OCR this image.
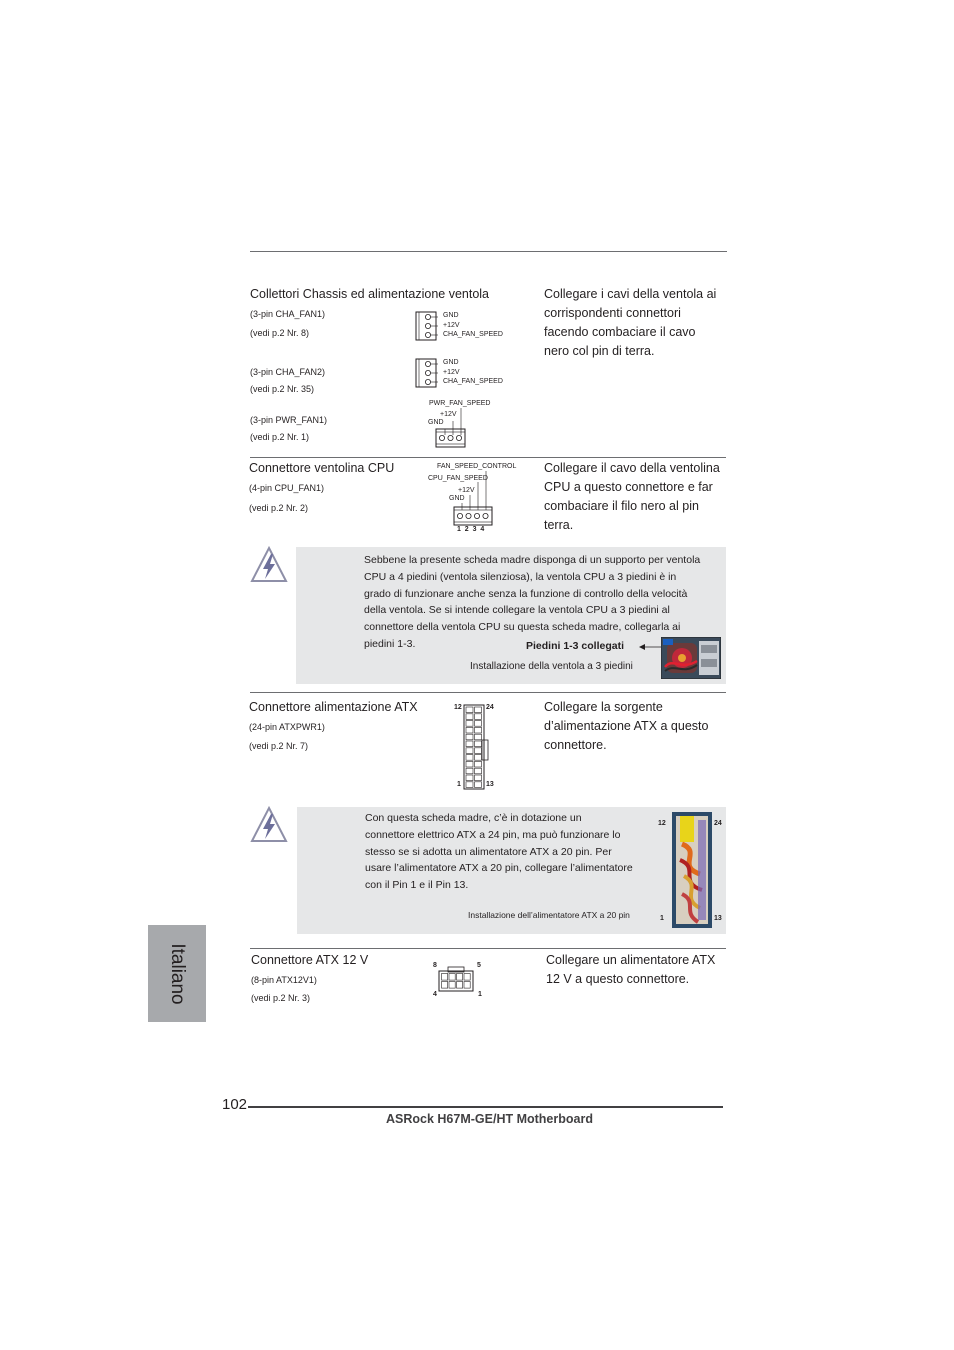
Collettori Chassis ed alimentazione ventola
(3-pin CHA_FAN1)
(vedi p.2 Nr. 8)
(3-pin CHA_FAN2)
(vedi p.2 Nr. 35)
(3-pin PWR_FAN1)
(vedi p.2 Nr. 1)
GND
+12V
CHA_FAN_SPEED
GND
+12V
CHA_FAN_SPEED
PWR_FAN_SPEED
+12V
GND
Collegare i cavi della ventola ai
corrispondenti connettori
facendo combaciare il cavo
nero col pin di terra.
Connettore ventolina CPU
(4-pin CPU_FAN1)
(vedi p.2 Nr. 2)
FAN_SPEED_CONTROL
CPU_FAN_SPEED
+12V
GND
1  2  3  4
Collegare il cavo della ventolina
CPU a questo connettore e far
combaciare il filo nero al pin
terra.
Sebbene la presente scheda madre disponga di un supporto per ventola
CPU a 4 piedini (ventola silenziosa), la ventola CPU a 3 piedini è in
grado di funzionare anche senza la funzione di controllo della velocità
della ventola. Se si intende collegare la ventola CPU a 3 piedini al
connettore della ventola CPU su questa scheda madre, collegarla ai
piedini 1-3.	Piedini 1-3 collegati
Installazione della ventola a 3 piedini
Connettore alimentazione ATX
(24-pin ATXPWR1)
(vedi p.2 Nr. 7)
12	24
1	13
Collegare la sorgente
d’alimentazione ATX a questo
connettore.
Con questa scheda madre, c’è in dotazione un
connettore elettrico ATX a 24 pin, ma può funzionare lo
stesso se si adotta un alimentatore ATX a 20 pin. Per
usare l’alimentatore ATX a 20 pin, collegare l’alimentatore
con il Pin 1 e il Pin 13.
Installazione dell’alimentatore ATX a 20 pin
12	24
1	13
Connettore ATX 12 V
(8-pin ATX12V1)
(vedi p.2 Nr. 3)
8	5
4	1
Collegare un alimentatore ATX
12 V a questo connettore.
Italiano
102
ASRock H67M-GE/HT Motherboard
